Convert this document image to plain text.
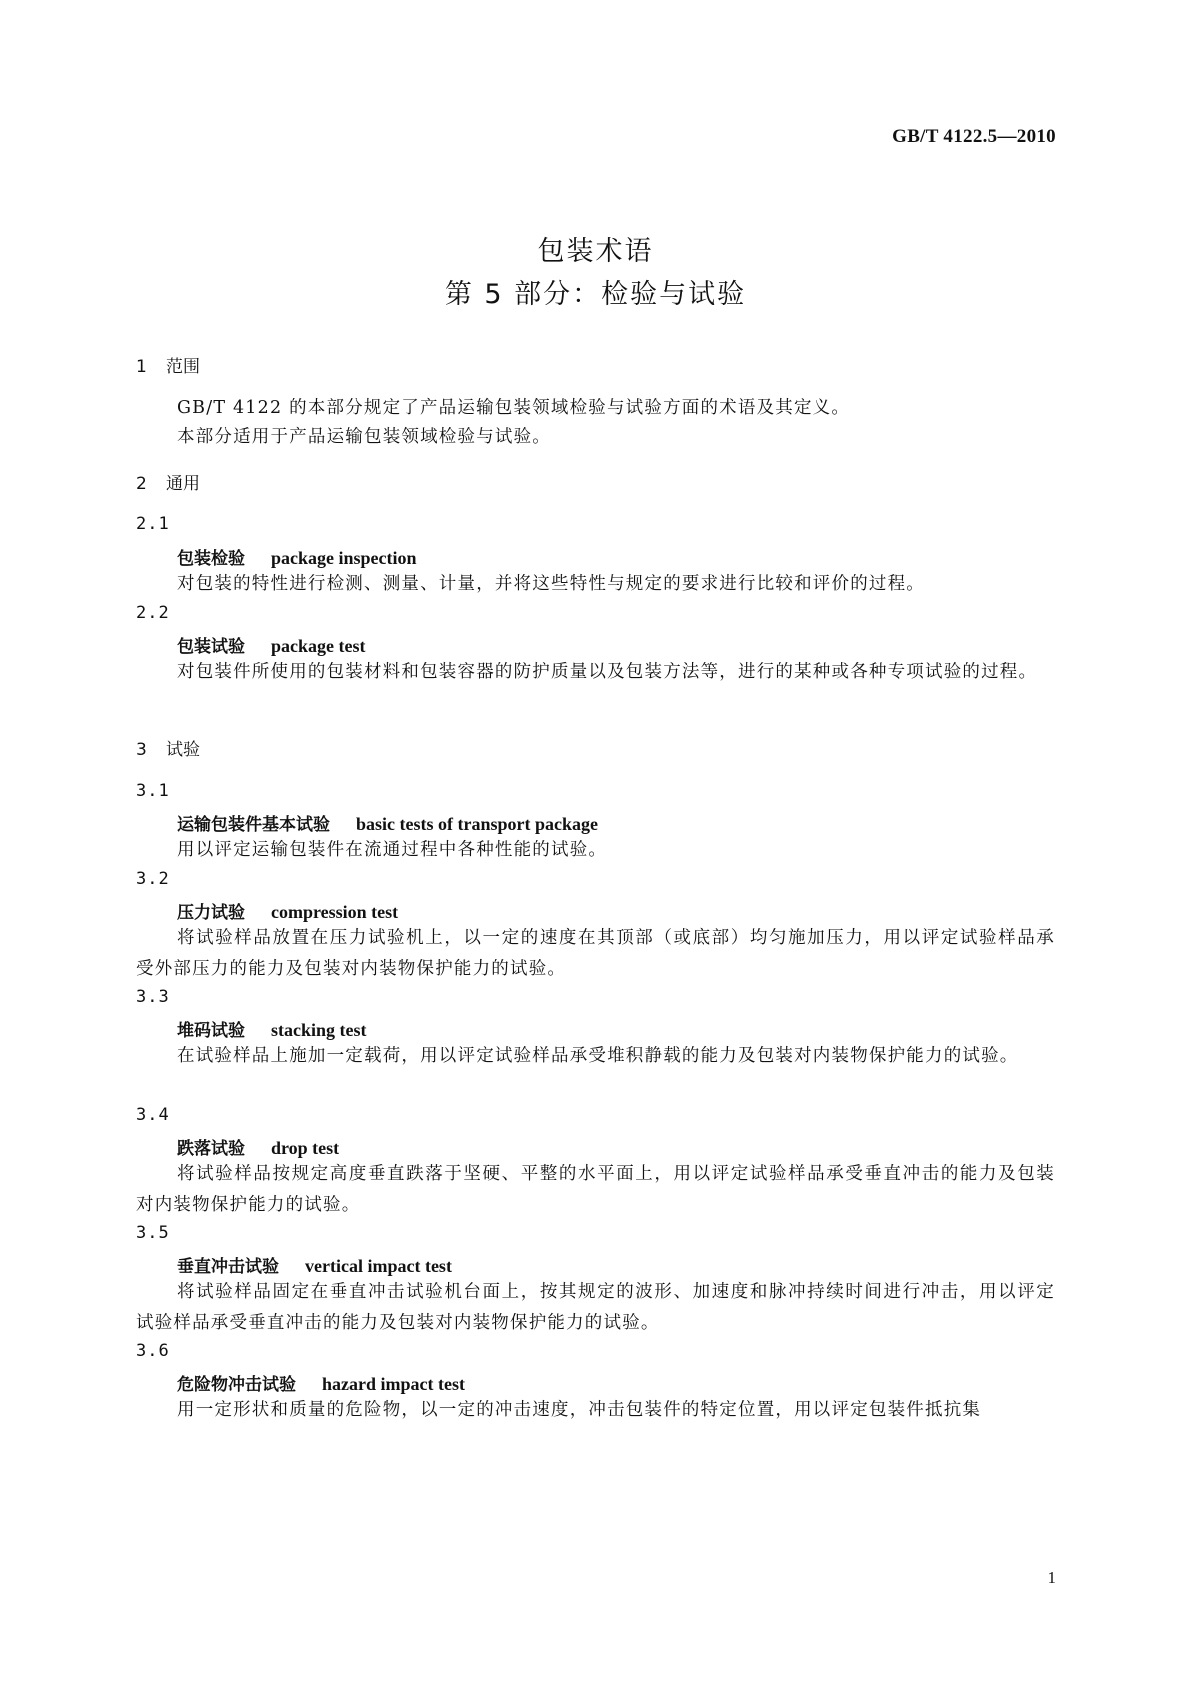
GB/T 4122.5—2010
包装术语
第 5 部分：检验与试验
1 范围
GB/T 4122 的本部分规定了产品运输包装领域检验与试验方面的术语及其定义。
本部分适用于产品运输包装领域检验与试验。
2 通用
2.1
包装检验 package inspection
对包装的特性进行检测、测量、计量，并将这些特性与规定的要求进行比较和评价的过程。
2.2
包装试验 package test
对包装件所使用的包装材料和包装容器的防护质量以及包装方法等，进行的某种或各种专项试验的过程。
3 试验
3.1
运输包装件基本试验 basic tests of transport package
用以评定运输包装件在流通过程中各种性能的试验。
3.2
压力试验 compression test
将试验样品放置在压力试验机上，以一定的速度在其顶部（或底部）均匀施加压力，用以评定试验样品承受外部压力的能力及包装对内装物保护能力的试验。
3.3
堆码试验 stacking test
在试验样品上施加一定载荷，用以评定试验样品承受堆积静载的能力及包装对内装物保护能力的试验。
3.4
跌落试验 drop test
将试验样品按规定高度垂直跌落于坚硬、平整的水平面上，用以评定试验样品承受垂直冲击的能力及包装对内装物保护能力的试验。
3.5
垂直冲击试验 vertical impact test
将试验样品固定在垂直冲击试验机台面上，按其规定的波形、加速度和脉冲持续时间进行冲击，用以评定试验样品承受垂直冲击的能力及包装对内装物保护能力的试验。
3.6
危险物冲击试验 hazard impact test
用一定形状和质量的危险物，以一定的冲击速度，冲击包装件的特定位置，用以评定包装件抵抗集
1
